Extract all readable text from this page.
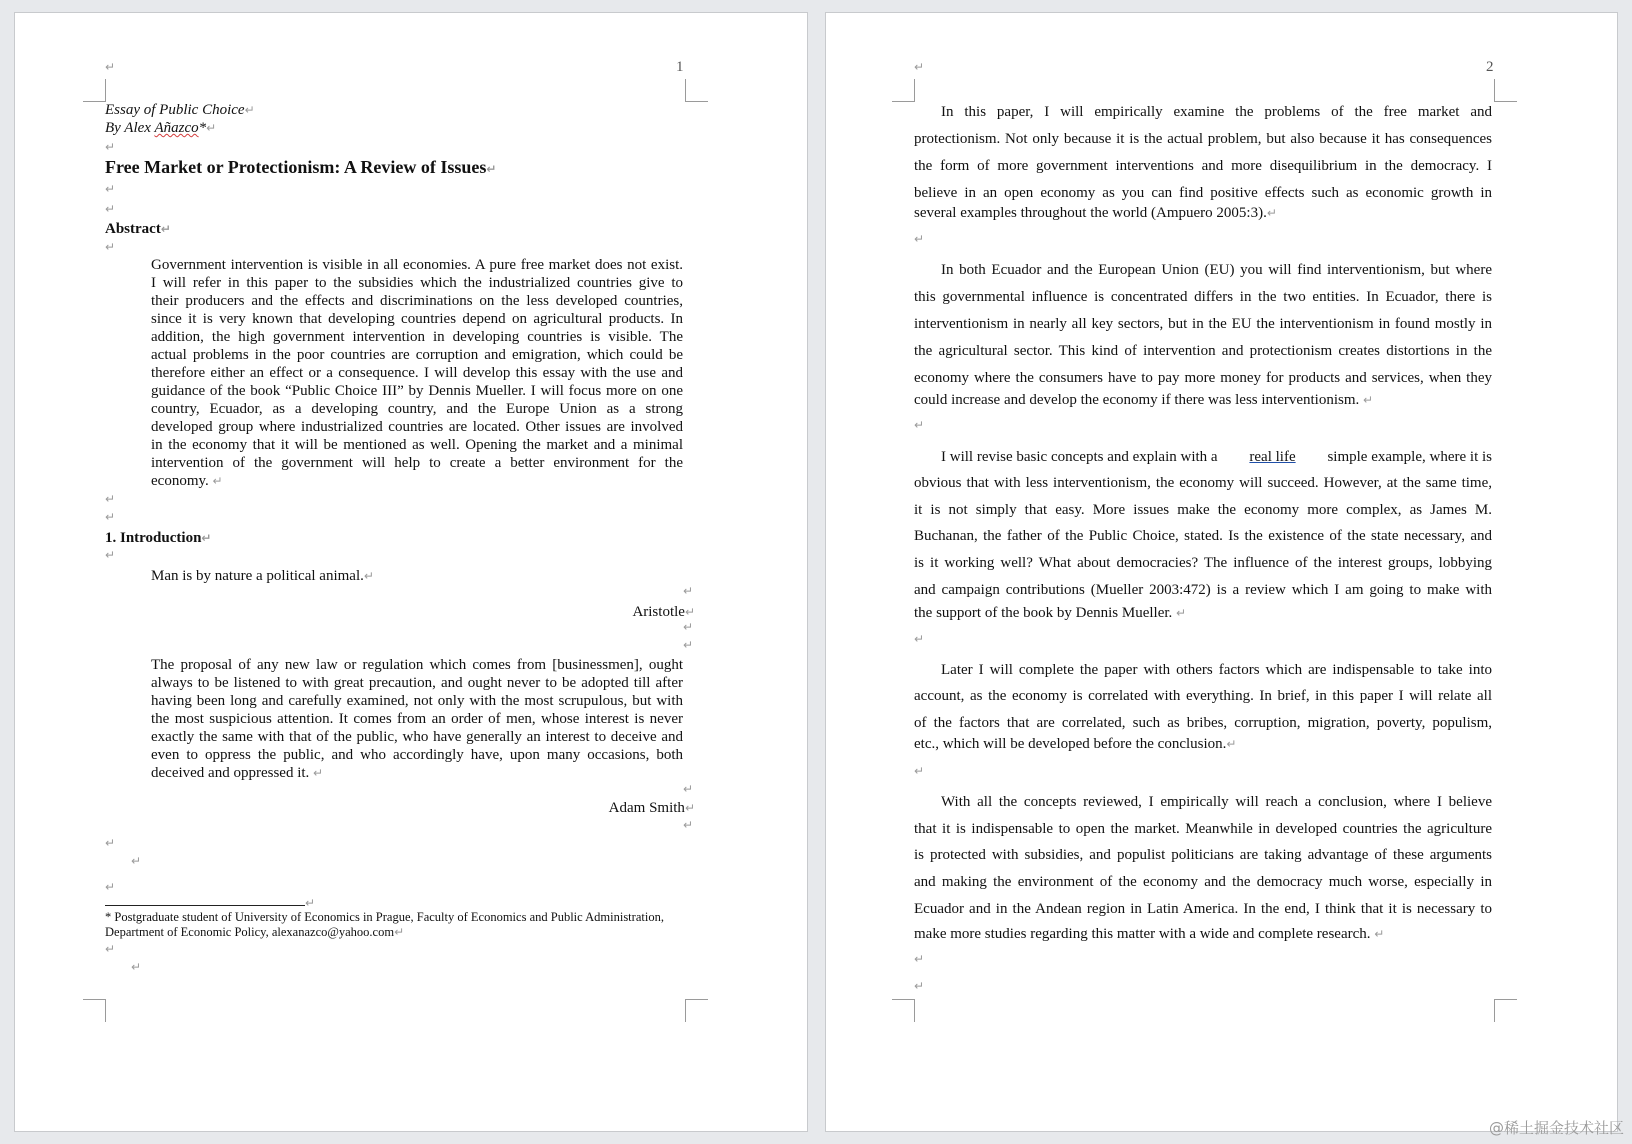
↵	1
Essay of Public Choice↵
By Alex Añazco*↵
↵
Free Market or Protectionism: A Review of Issues↵
↵
↵
Abstract↵
↵
Government intervention is visible in all economies. A pure free market does not exist.
I will refer in this paper to the subsidies which the industrialized countries give to
their producers and the effects and discriminations on the less developed countries,
since it is very known that developing countries depend on agricultural products. In
addition, the high government intervention in developing countries is visible. The
actual problems in the poor countries are corruption and emigration, which could be
therefore either an effect or a consequence. I will develop this essay with the use and
guidance of the book “Public Choice III” by Dennis Mueller. I will focus more on one
country, Ecuador, as a developing country, and the Europe Union as a strong
developed group where industrialized countries are located. Other issues are involved
in the economy that it will be mentioned as well. Opening the market and a minimal
intervention of the government will help to create a better environment for the
economy. ↵
↵
↵
1. Introduction↵
↵
Man is by nature a political animal.↵
↵
Aristotle↵
↵
↵
The proposal of any new law or regulation which comes from [businessmen], ought
always to be listened to with great precaution, and ought never to be adopted till after
having been long and carefully examined, not only with the most scrupulous, but with
the most suspicious attention. It comes from an order of men, whose interest is never
exactly the same with that of the public, who have generally an interest to deceive and
even to oppress the public, and who accordingly have, upon many occasions, both
deceived and oppressed it. ↵
↵
Adam Smith↵
↵
↵
↵
↵
↵
* Postgraduate student of University of Economics in Prague, Faculty of Economics and Public Administration,
Department of Economic Policy, alexanazco@yahoo.com↵
↵
↵
↵	2
In this paper, I will empirically examine the problems of the free market and
protectionism. Not only because it is the actual problem, but also because it has consequences
the form of more government interventions and more disequilibrium in the democracy. I
believe in an open economy as you can find positive effects such as economic growth in
several examples throughout the world (Ampuero 2005:3).↵
↵
In both Ecuador and the European Union (EU) you will find interventionism, but where
this governmental influence is concentrated differs in the two entities. In Ecuador, there is
interventionism in nearly all key sectors, but in the EU the interventionism in found mostly in
the agricultural sector. This kind of intervention and protectionism creates distortions in the
economy where the consumers have to pay more money for products and services, when they
could increase and develop the economy if there was less interventionism. ↵
↵
I will revise basic concepts and explain with a real life simple example, where it is
obvious that with less interventionism, the economy will succeed. However, at the same time,
it is not simply that easy. More issues make the economy more complex, as James M.
Buchanan, the father of the Public Choice, stated. Is the existence of the state necessary, and
is it working well? What about democracies? The influence of the interest groups, lobbying
and campaign contributions (Mueller 2003:472) is a review which I am going to make with
the support of the book by Dennis Mueller. ↵
↵
Later I will complete the paper with others factors which are indispensable to take into
account, as the economy is correlated with everything. In brief, in this paper I will relate all
of the factors that are correlated, such as bribes, corruption, migration, poverty, populism,
etc., which will be developed before the conclusion.↵
↵
With all the concepts reviewed, I empirically will reach a conclusion, where I believe
that it is indispensable to open the market. Meanwhile in developed countries the agriculture
is protected with subsidies, and populist politicians are taking advantage of these arguments
and making the environment of the economy and the democracy much worse, especially in
Ecuador and in the Andean region in Latin America. In the end, I think that it is necessary to
make more studies regarding this matter with a wide and complete research. ↵
↵
↵
@稀土掘金技术社区
